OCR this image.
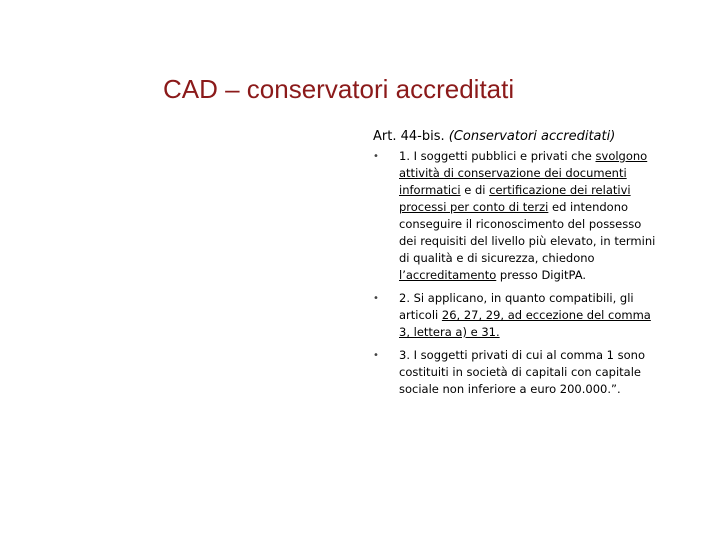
CAD – conservatori accreditati

Art. 44-bis. (Conservatori accreditati)

• 1. I soggetti pubblici e privati che svolgono attività di conservazione dei documenti informatici e di certificazione dei relativi processi per conto di terzi ed intendono conseguire il riconoscimento del possesso dei requisiti del livello più elevato, in termini di qualità e di sicurezza, chiedono l’accreditamento presso DigitPA.
• 2. Si applicano, in quanto compatibili, gli articoli 26, 27, 29, ad eccezione del comma 3, lettera a) e 31.
• 3. I soggetti privati di cui al comma 1 sono costituiti in società di capitali con capitale sociale non inferiore a euro 200.000.”.
